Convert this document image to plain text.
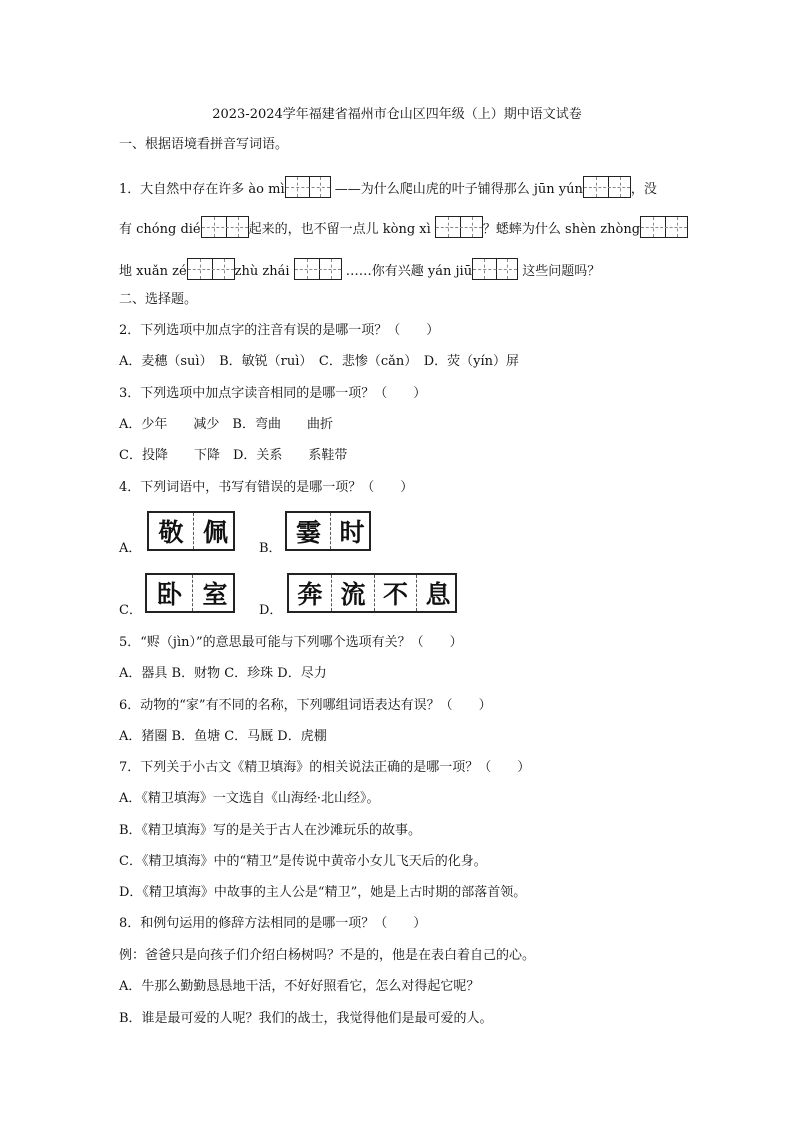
2023-2024学年福建省福州市仓山区四年级（上）期中语文试卷
一、根据语境看拼音写词语。
1．大自然中存在许多 ào mì	——为什么爬山虎的叶子铺得那么 jūn yún	，没
有 chóng dié	起来的，也不留一点儿 kòng xì	？蟋蟀为什么 shèn zhòng
地 xuǎn zé	zhù zhái	……你有兴趣 yán jiū	这些问题吗？
二、选择题。
2．下列选项中加点字的注音有误的是哪一项？（　　）
A．麦穗（suì）　B．敏锐（ruì）　C．悲惨（cǎn）　D．荧（yín）屏
3．下列选项中加点字读音相同的是哪一项？（　　）
A．少年　　减少　B．弯曲　　曲折
C．投降　　下降　D．关系　　系鞋带
4．下列词语中，书写有错误的是哪一项？（　　）
A．
敬 佩
B．
霎 时
C．
卧 室
D．
奔 流 不 息
5．“赆（jìn）”的意思最可能与下列哪个选项有关？（　　）
A．器具 B．财物 C．珍珠 D．尽力
6．动物的“家”有不同的名称，下列哪组词语表达有误？（　　）
A．猪圈 B．鱼塘 C．马厩 D．虎棚
7．下列关于小古文《精卫填海》的相关说法正确的是哪一项？（　　）
A．《精卫填海》一文选自《山海经·北山经》。
B．《精卫填海》写的是关于古人在沙滩玩乐的故事。
C．《精卫填海》中的“精卫”是传说中黄帝小女儿飞天后的化身。
D．《精卫填海》中故事的主人公是“精卫”，她是上古时期的部落首领。
8．和例句运用的修辞方法相同的是哪一项？（　　）
例：爸爸只是向孩子们介绍白杨树吗？不是的，他是在表白着自己的心。
A．牛那么勤勤恳恳地干活，不好好照看它，怎么对得起它呢？
B．谁是最可爱的人呢？我们的战士，我觉得他们是最可爱的人。
